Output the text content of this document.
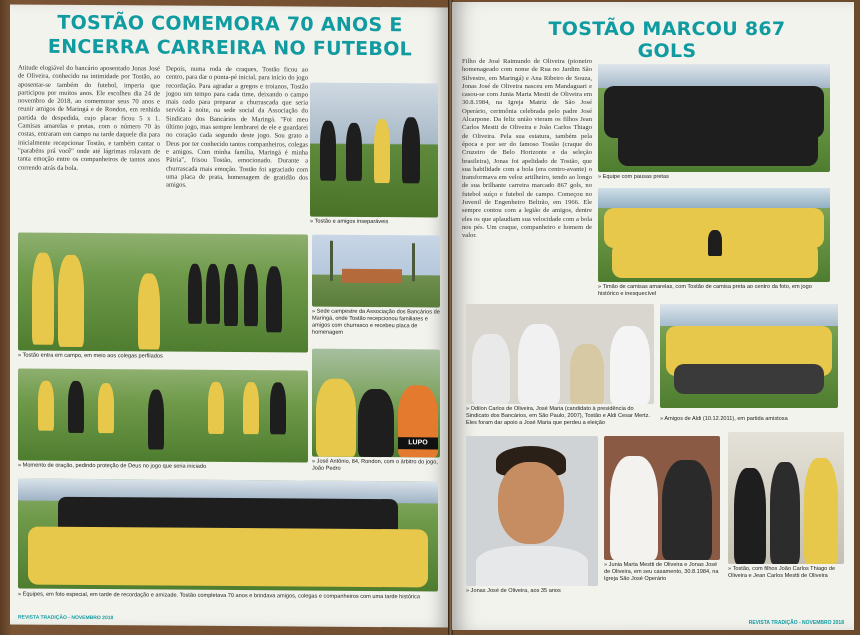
TOSTÃO COMEMORA 70 ANOS E ENCERRA CARREIRA NO FUTEBOL
Atitude elogiável do bancário aposentado Jonas José de Oliveira, conhecido na intimidade por Tostão, ao aposentar-se também do futebol, imperia que participou por muitos anos. Ele escolheu dia 24 de novembro de 2018, ao comemorar seus 70 anos e reunir amigos de Maringá e de Rondon, em renhida partida de despedida, cujo placar ficou 5 x 1. Camisas amarelas e pretas, com o número 70 às costas, entraram em campo na tarde daquele dia para inicialmente recepcionar Tostão, e também cantar o "parabéns prá você" onde até lágrimas rolavam de tanta emoção entre os companheiros de tantos anos correndo atrás da bola.
Depois, numa roda de craques, Tostão ficou ao centro, para dar o ponta-pé inicial, para início do jogo recordação. Para agradar a gregos e troianos, Tostão jogou um tempo para cada time, deixando o campo mais cedo para preparar a churrascada que seria servida à noite, na sede social da Associação do Sindicato dos Bancários de Maringá. "Foi meu último jogo, mas sempre lembrarei de ele e guardarei no coração cada segundo deste jogo. Sou grato a Deus por ter conhecido tantos companheiros, colegas e amigos. Com minha família, Maringá é minha Pátria", frisou Tostão, emocionado. Durante a churrascada mais emoção. Tostão foi agraciado com uma placa de prata, homenagem de gratidão dos amigos.
» Tostão e amigos inseparáveis
» Tostão entra em campo, em meio aos colegas perfilados
» Sede campestre da Associação dos Bancários de Maringá, onde Tostão recepcionou familiares e amigos com churrasco e recebeu placa de homenagem
» Momento de oração, pedindo proteção de Deus no jogo que seria iniciado
LUPO
» José Antônio, 84, Rondon, com o árbitro do jogo, João Pedro
» Equipes, em foto especial, em tarde de recordação e amizade. Tostão completava 70 anos e brindava amigos, colegas e companheiros com uma tarde histórica
REVISTA TRADIÇÃO - NOVEMBRO 2018
TOSTÃO MARCOU 867 GOLS
Filho de José Raimundo de Oliveira (pioneiro homenageado com nome de Rua no Jardim São Silvestre, em Maringá) e Ana Ribeiro de Souza, Jonas José de Oliveira nasceu em Mandaguari e casou-se com Junia Marta Mestti de Oliveira em 30.8.1984, na Igreja Matriz de São José Operário, cerimônia celebrada pelo padre José Alcarpone. Da feliz união vieram os filhos Jean Carlos Mestti de Oliveira e João Carlos Thiago de Oliveira. Pela sua estatura, também pela época e por ser do famoso Tostão (craque do Cruzeiro de Belo Horizonte e da seleção brasileira), Jonas foi apelidado de Tostão, que sua habilidade com a bola (era centro-avante) o transformava em veloz artilheiro, tendo ao longo de sua brilhante carreira marcado 867 gols, no futebol suíço e futebol de campo. Começou no Juvenil de Engenheiro Beltrão, em 1966. Ele sempre contou com a legião de amigos, dentre eles os que aplaudiam sua velocidade com a bola nos pés. Um craque, companheiro e homem de valor.
» Equipe com pausas pretas
» Timão de camisas amarelas, com Tostão de camisa preta ao centro da foto, em jogo histórico e inesquecível
» Odilon Carlos de Oliveira, José Maria (candidato à presidência do Sindicato dos Bancários, em São Paulo, 2007), Tostão e Aldi Cesar Mertz. Eles foram dar apoio a José Maria que perdeu a eleição
» Amigos de Aldi (10.12.2011), em partida amistosa
» Jonas José de Oliveira, aos 35 anos
» Junia Marta Mestti de Oliveira e Jonas José de Oliveira, em seu casamento, 30.8.1984, na Igreja São José Operário
» Tostão, com filhos João Carlos Thiago de Oliveira e Jean Carlos Mestti de Oliveira
REVISTA TRADIÇÃO - NOVEMBRO 2018
